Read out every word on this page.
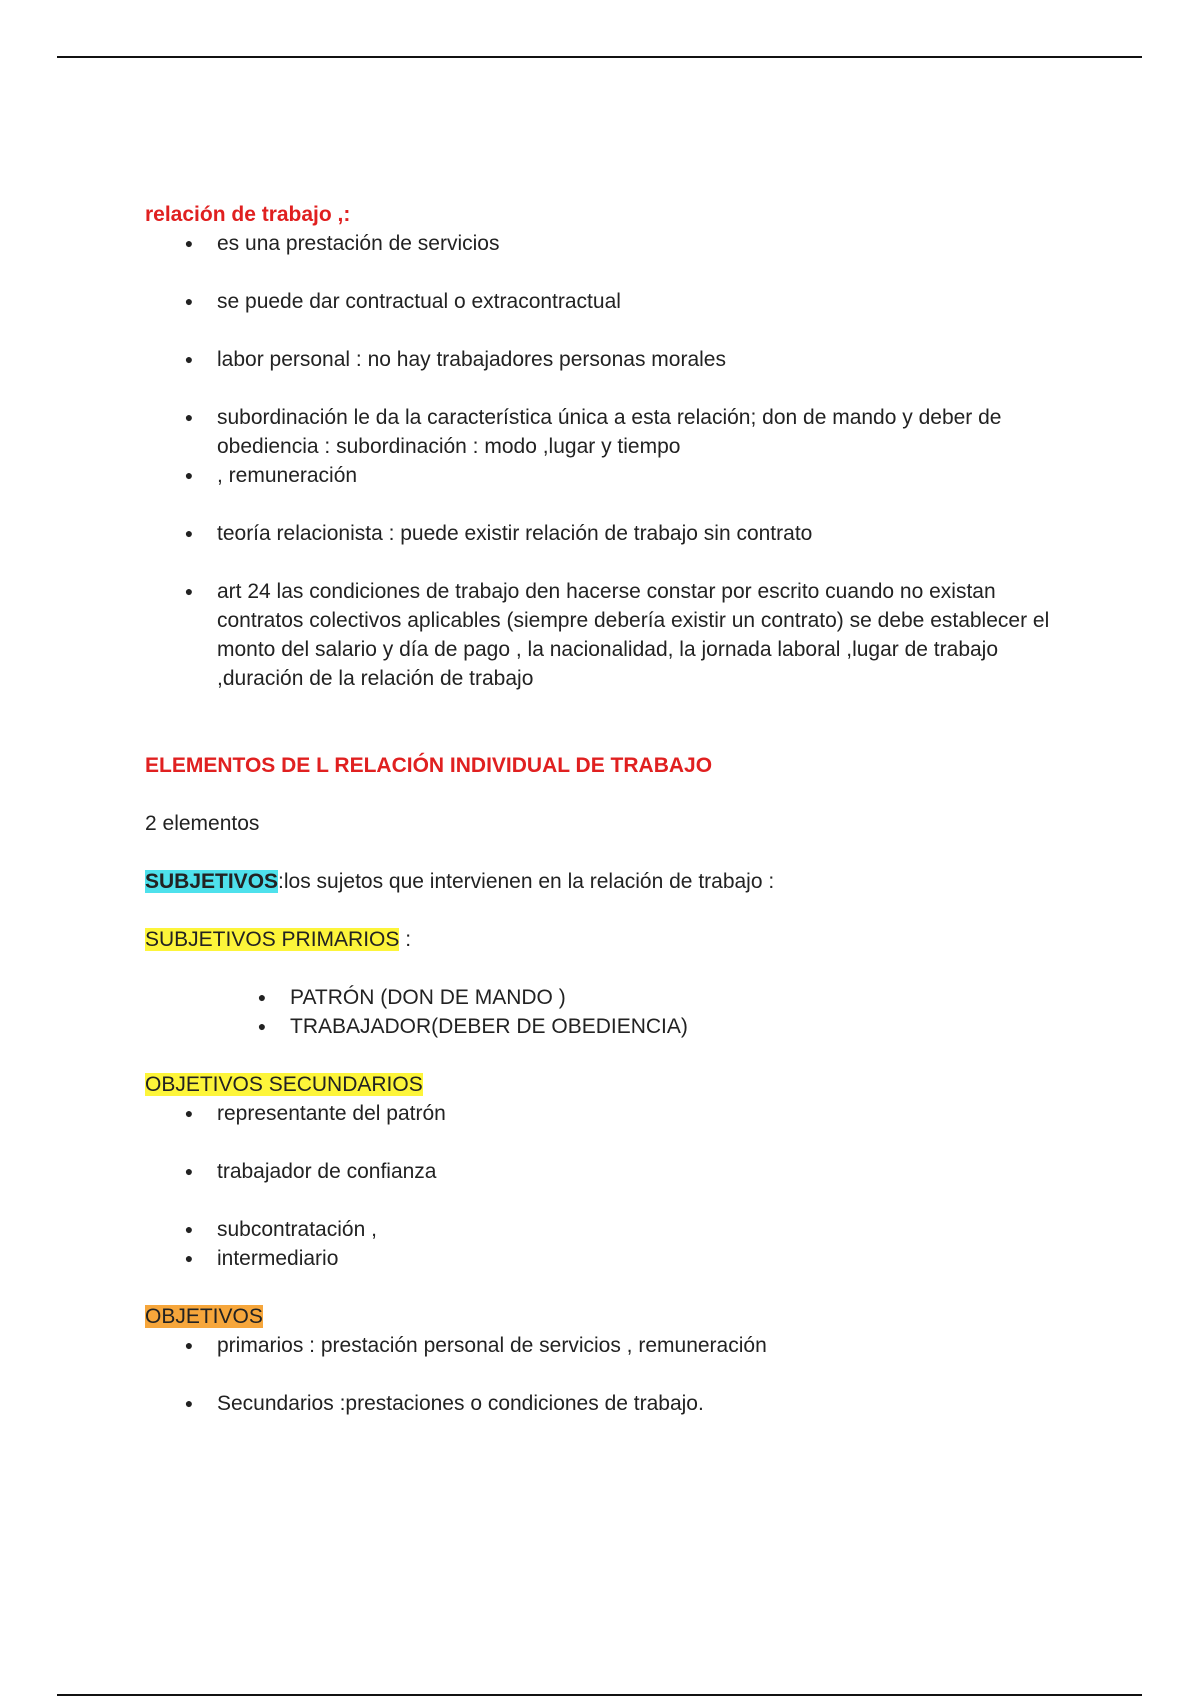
relación de trabajo ,:
● es una prestación de servicios
● se puede dar contractual o extracontractual
● labor personal : no hay trabajadores personas morales
● subordinación le da la característica única a esta relación; don de mando y deber de obediencia : subordinación : modo ,lugar y tiempo
● , remuneración
● teoría relacionista : puede existir relación de trabajo sin contrato
● art 24 las condiciones de trabajo den hacerse constar por escrito cuando no existan contratos colectivos aplicables (siempre debería existir un contrato) se debe establecer el monto del salario y día de pago , la nacionalidad, la jornada laboral ,lugar de trabajo ,duración de la relación de trabajo
ELEMENTOS DE L RELACIÓN INDIVIDUAL DE TRABAJO

2 elementos

SUBJETIVOS:los sujetos que intervienen en la relación de trabajo :

SUBJETIVOS PRIMARIOS :

● PATRÓN (DON DE MANDO )
● TRABAJADOR(DEBER DE OBEDIENCIA)

OBJETIVOS SECUNDARIOS

● representante del patrón
● trabajador de confianza
● subcontratación ,
● intermediario

OBJETIVOS

● primarios : prestación personal de servicios , remuneración
● Secundarios :prestaciones o condiciones de trabajo.
